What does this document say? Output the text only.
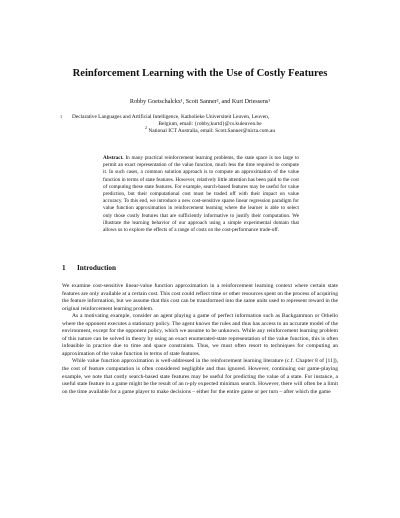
Reinforcement Learning with the Use of Costly Features
Robby Goetschalckx¹, Scott Sanner², and Kurt Driessens¹
1 Declarative Languages and Artificial Intelligence, Katholieke Universiteit Leuven, Leuven,
Belgium, email: {robby,kurtd}@cs.kuleuven.be
$^2$ National ICT Australia, email: Scott.Sanner@nicta.com.au
Abstract. In many practical reinforcement learning problems, the state space is too large to permit an exact representation of the value function, much less the time required to compute it. In such cases, a common solution approach is to compute an approximation of the value function in terms of state features. However, relatively little attention has been paid to the cost of computing these state features. For example, search-based features may be useful for value prediction, but their computational cost must be traded off with their impact on value accuracy. To this end, we introduce a new cost-sensitive sparse linear regression paradigm for value function approximation in reinforcement learning where the learner is able to select only those costly features that are sufficiently informative to justify their computation. We illustrate the learning behavior of our approach using a simple experimental domain that allows us to explore the effects of a range of costs on the cost-performance trade-off.
1 Introduction

We examine cost-sensitive linear-value function approximation in a reinforcement learning context where certain state features are only available at a certain cost. This cost could reflect time or other resources spent on the process of acquiring the feature information, but we assume that this cost can be transformed into the same units used to represent reward in the original reinforcement learning problem.

As a motivating example, consider an agent playing a game of perfect information such as Backgammon or Othello where the opponent executes a stationary policy. The agent knows the rules and thus has access to an accurate model of the environment, except for the opponent policy, which we assume to be unknown. While any reinforcement learning problem of this nature can be solved in theory by using an exact enumerated-state representation of the value function, this is often infeasible in practice due to time and space constraints. Thus, we must often resort to techniques for computing an approximation of the value function in terms of state features.

While value function approximation is well-addressed in the reinforcement learning literature (c.f. Chapter 8 of [11]), the cost of feature computation is often considered negligible and thus ignored. However, continuing our game-playing example, we note that costly search-based state features may be useful for predicting the value of a state. For instance, a useful state feature in a game might be the result of an n-ply expected minimax search. However, there will often be a limit on the time available for a game player to make decisions – either for the entire game or per turn – after which the game
